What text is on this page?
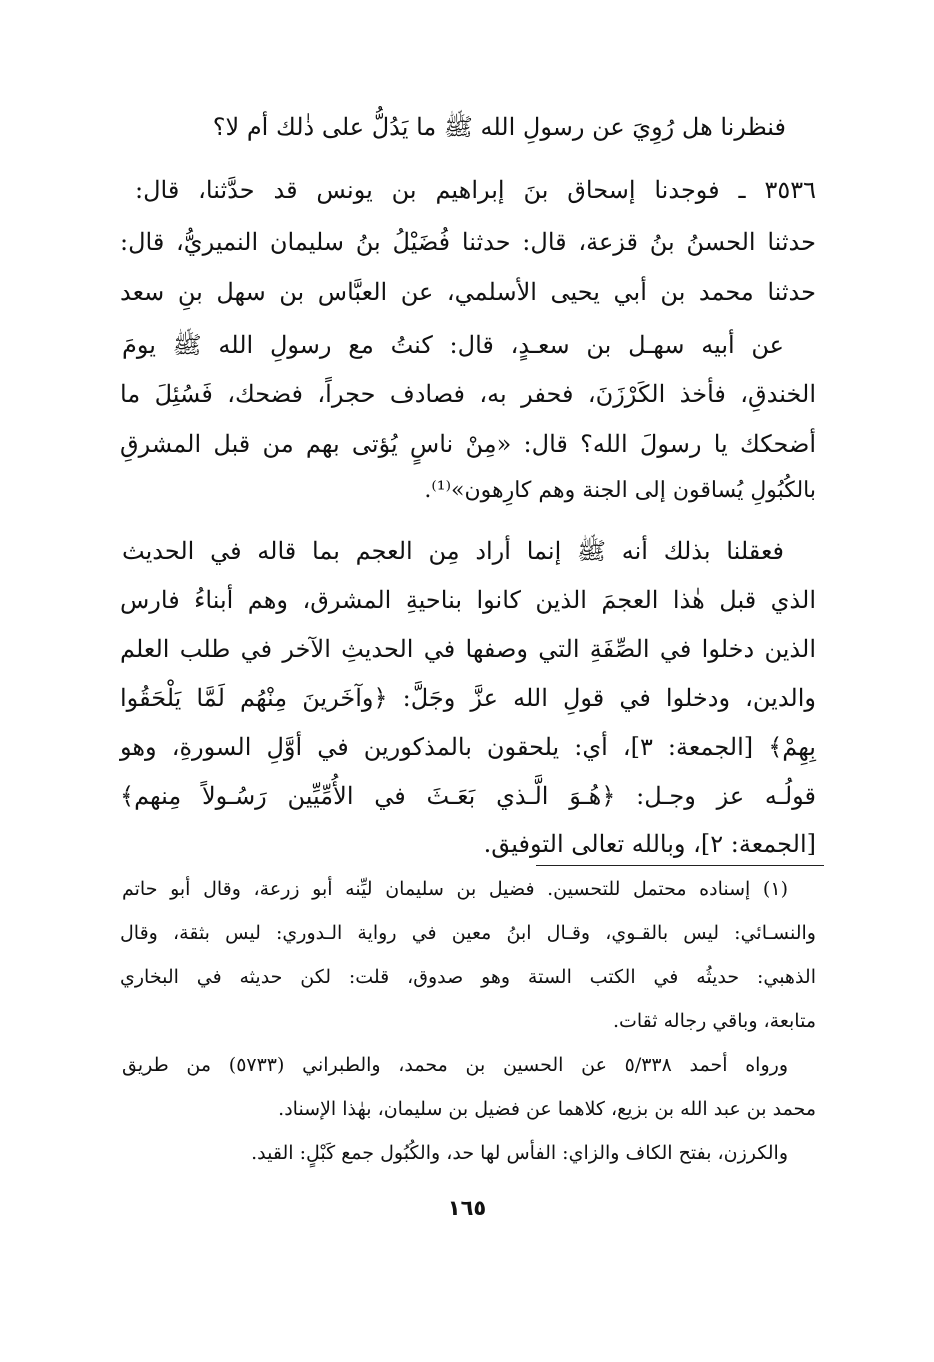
فنظرنا هل رُوِيَ عن رسولِ الله ﷺ ما يَدُلُّ على ذٰلك أم لا؟
٣٥٣٦ ـ فوجدنا إسحاق بنَ إبراهيم بن يونس قد حدَّثنا، قال:
حدثنا الحسنُ بنُ قزعة، قال: حدثنا فُضَيْلُ بنُ سليمان النميريُّ، قال:
حدثنا محمد بن أبي يحيى الأسلمي، عن العبَّاس بن سهل بنِ سعد
عن أبيه سهـل بن سعـدٍ، قال: كنتُ مع رسولِ الله ﷺ يومَ
الخندقِ، فأخذ الكَرْزَنَ، فحفر به، فصادف حجراً، فضحك، فَسُئِلَ ما
أضحكك يا رسولَ الله؟ قال: «مِنْ ناسٍ يُؤتى بهم من قبل المشرقِ
بالكُبُولِ يُساقون إلى الجنة وهم كارِهون»⁽¹⁾.
فعقلنا بذلك أنه ﷺ إنما أراد مِن العجم بما قاله في الحديث
الذي قبل هٰذا العجمَ الذين كانوا بناحيةِ المشرق، وهم أبناءُ فارس
الذين دخلوا في الصِّفَةِ التي وصفها في الحديثِ الآخر في طلب العلم
والدين، ودخلوا في قولِ الله عزَّ وجَلَّ: ﴿وآخَرينَ مِنْهُم لَمَّا يَلْحَقُوا
بِهِمْ﴾ [الجمعة: ٣]، أي: يلحقون بالمذكورين في أوَّلِ السورةِ، وهو
قولُـه عز وجـل: ﴿هُـوَ الَّـذي بَعَـثَ في الأُمِّيِّين رَسُـولاً مِنهم﴾
[الجمعة: ٢]، وبالله تعالى التوفيق.
(١) إسناده محتمل للتحسين. فضيل بن سليمان ليِّنه أبو زرعة، وقال أبو حاتم
والنسـائي: ليس بالقـوي، وقـال ابنُ معين في رواية الـدوري: ليس بثقة، وقال
الذهبي: حديثُه في الكتب الستة وهو صدوق، قلت: لكن حديثه في البخاري
متابعة، وباقي رجاله ثقات.
ورواه أحمد ٥/٣٣٨ عن الحسين بن محمد، والطبراني (٥٧٣٣) من طريق
محمد بن عبد الله بن بزيع، كلاهما عن فضيل بن سليمان، بهٰذا الإسناد.
والكرزن، بفتح الكاف والزاي: الفأس لها حد، والكُبُول جمع كَبْلٍ: القيد.
١٦٥
